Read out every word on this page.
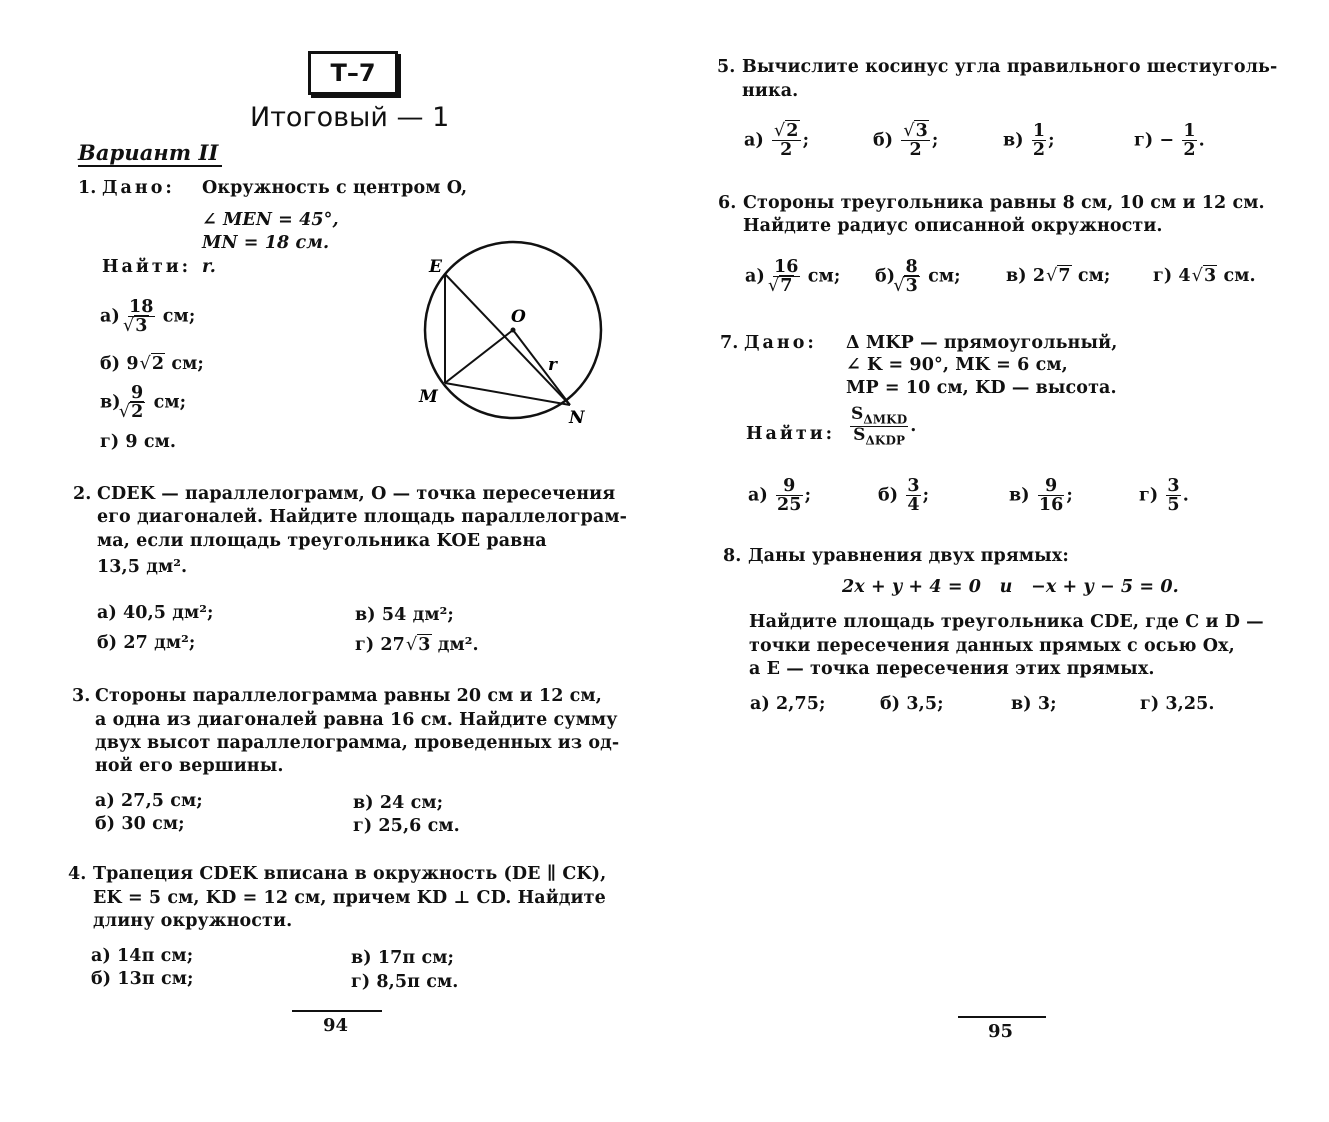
Т–7
Итоговый — 1
Вариант II
1. Дано: Окружность с центром O,
∠ MEN = 45°,
MN = 18 см.
Найти: r.
а) 18
√ 3 см;
б) 9 √ 2 см;
в) 9
√ 2 см;
г) 9 см.
E
O
r
M
N
2. CDEK — параллелограмм, O — точка пересечения
его диагоналей. Найдите площадь параллелограм-
ма, если площадь треугольника KOE равна
13,5 дм².
а) 40,5 дм²;
б) 27 дм²;
в) 54 дм²;
г) 27 √ 3 дм².
3. Стороны параллелограмма равны 20 см и 12 см,
а одна из диагоналей равна 16 см. Найдите сумму
двух высот параллелограмма, проведенных из од-
ной его вершины.
а) 27,5 см;
б) 30 см;
в) 24 см;
г) 25,6 см.
4. Трапеция CDEK вписана в окружность (DE ∥ CK),
EK = 5 см, KD = 12 см, причем KD ⊥ CD. Найдите
длину окружности.
а) 14π см;
б) 13π см;
в) 17π см;
г) 8,5π см.
94
5. Вычислите косинус угла правильного шестиуголь-
ника.
а) √ $\frac{2}{2}$ ;	б) √ $\frac{3}{2}$ ;	$в) \frac{1}{2}$ ;	$г) - \frac{1}{2}$ .
6. Стороны треугольника равны 8 см, 10 см и 12 см.
Найдите радиус описанной окружности.
а) 16
√ 7 см; б) 8
√ 3 см;	в) 2 √ 7 см; г) 4 √ 3 см.
7. Дано: Δ MKP — прямоугольный,
∠ K = 90°, MK = 6 см,
MP = 10 см, KD — высота.
Найти: $\frac{S_{\Delta MKD}}{S_{\Delta KDP}}$ .
$а) \frac{9}{25}$ ;	$б) \frac{3}{4}$ ;	$в) \frac{9}{16}$ ;	$г) \frac{3}{5}$ .
8. Даны уравнения двух прямых:
2x + y + 4 = 0   и   −x + y − 5 = 0.
Найдите площадь треугольника CDE, где C и D —
точки пересечения данных прямых с осью Ox,
а E — точка пересечения этих прямых.
а) 2,75;	б) 3,5;	в) 3;	г) 3,25.
95
